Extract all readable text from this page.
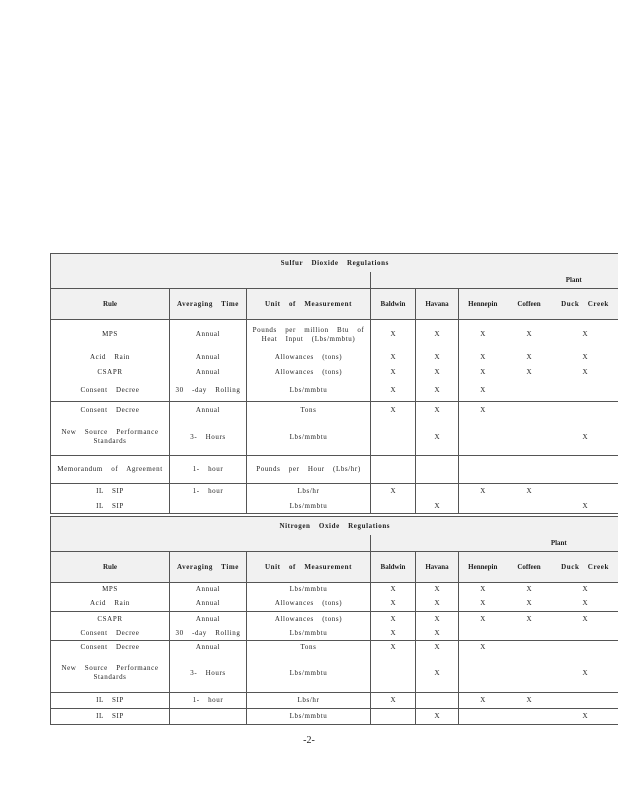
Sulfur Dioxide Regulations							
			Plant				
Rule	Averaging Time	Unit of Measurement	Baldwin	Havana	Hennepin	Coffeen	Duck Creek
MPS	Annual	Pounds per million Btu of Heat Input (Lbs/mmbtu)	X	X	X	X	X
Acid Rain	Annual	Allowances (tons)	X	X	X	X	X
CSAPR	Annual	Allowances (tons)	X	X	X	X	X
Consent Decree	30 -day Rolling	Lbs/mmbtu	X	X	X		
Consent Decree	Annual	Tons	X	X	X		
New Source Performance Standards	3- Hours	Lbs/mmbtu		X			X
Memorandum of Agreement	1- hour	Pounds per Hour (Lbs/hr)					
IL SIP	1- hour	Lbs/hr	X		X	X	
IL SIP		Lbs/mmbtu		X			X
Nitrogen Oxide Regulations							
			Plant				
Rule	Averaging Time	Unit of Measurement	Baldwin	Havana	Hennepin	Coffeen	Duck Creek
MPS	Annual	Lbs/mmbtu	X	X	X	X	X
Acid Rain	Annual	Allowances (tons)	X	X	X	X	X
CSAPR	Annual	Allowances (tons)	X	X	X	X	X
Consent Decree	30 -day Rolling	Lbs/mmbtu	X	X			
Consent Decree	Annual	Tons	X	X	X		
New Source Performance Standards	3- Hours	Lbs/mmbtu		X			X
IL SIP	1- hour	Lbs/hr	X		X	X	
IL SIP		Lbs/mmbtu		X			X
-2-
